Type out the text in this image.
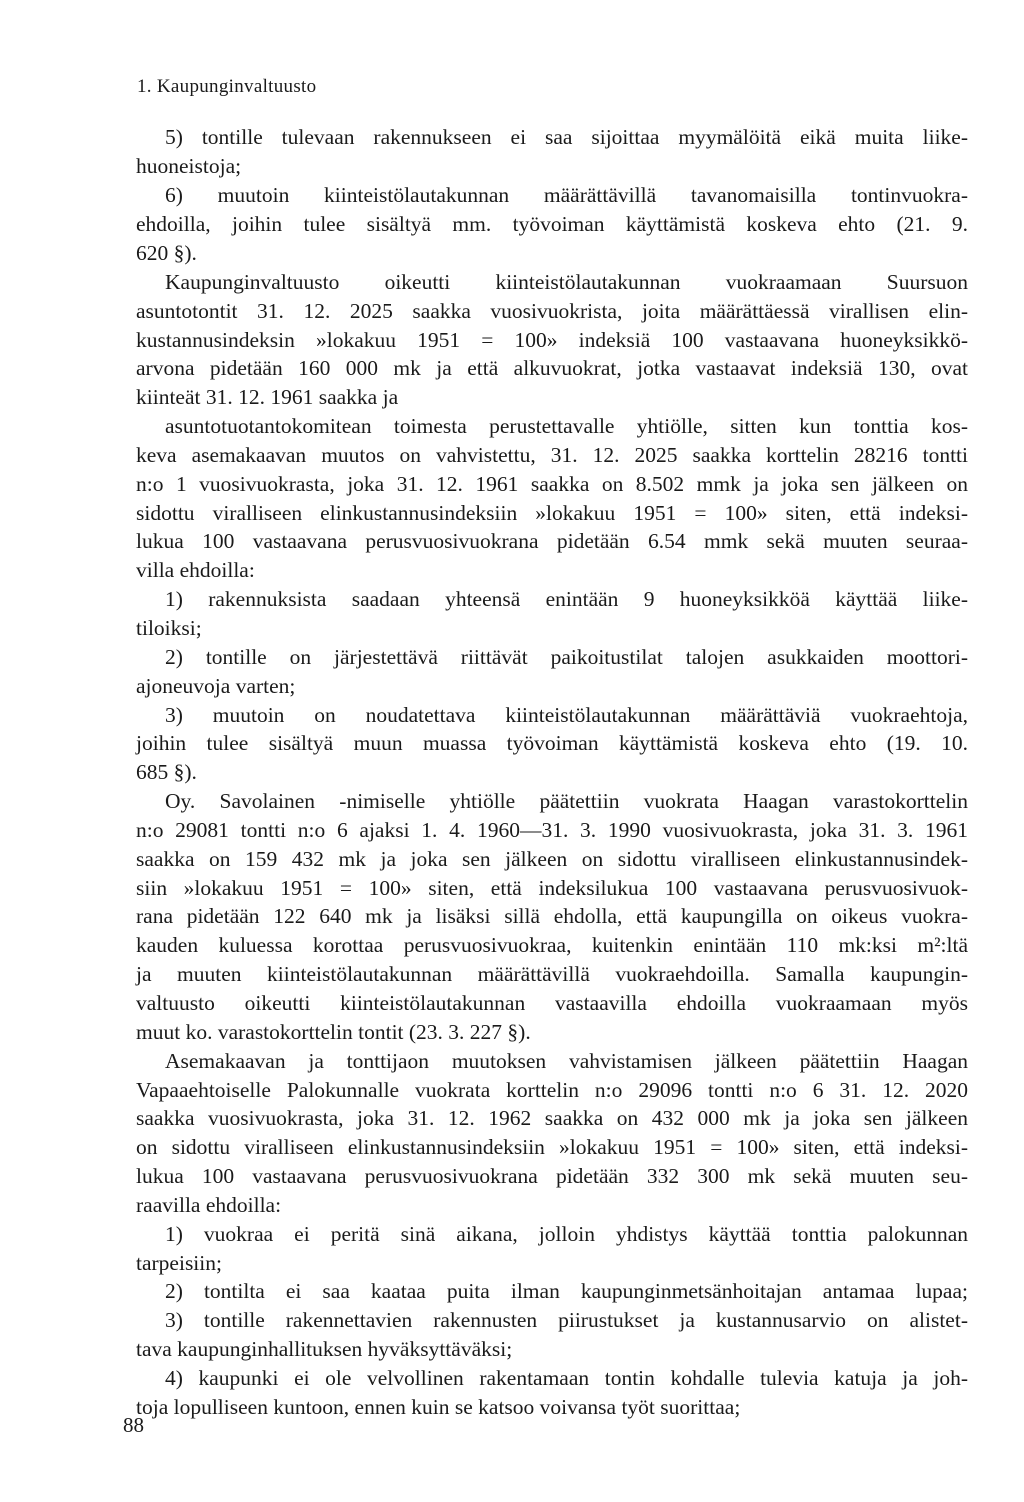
1. Kaupunginvaltuusto
5) tontille tulevaan rakennukseen ei saa sijoittaa myymälöitä eikä muita liike-
huoneistoja;
6) muutoin kiinteistölautakunnan määrättävillä tavanomaisilla tontinvuokra-
ehdoilla, joihin tulee sisältyä mm. työvoiman käyttämistä koskeva ehto (21. 9.
620 §).
Kaupunginvaltuusto oikeutti kiinteistölautakunnan vuokraamaan Suursuon
asuntotontit 31. 12. 2025 saakka vuosivuokrista, joita määrättäessä virallisen elin-
kustannusindeksin »lokakuu 1951 = 100» indeksiä 100 vastaavana huoneyksikkö-
arvona pidetään 160 000 mk ja että alkuvuokrat, jotka vastaavat indeksiä 130, ovat
kiinteät 31. 12. 1961 saakka ja
asuntotuotantokomitean toimesta perustettavalle yhtiölle, sitten kun tonttia kos-
keva asemakaavan muutos on vahvistettu, 31. 12. 2025 saakka korttelin 28216 tontti
n:o 1 vuosivuokrasta, joka 31. 12. 1961 saakka on 8.502 mmk ja joka sen jälkeen on
sidottu viralliseen elinkustannusindeksiin »lokakuu 1951 = 100» siten, että indeksi-
lukua 100 vastaavana perusvuosivuokrana pidetään 6.54 mmk sekä muuten seuraa-
villa ehdoilla:
1) rakennuksista saadaan yhteensä enintään 9 huoneyksikköä käyttää liike-
tiloiksi;
2) tontille on järjestettävä riittävät paikoitustilat talojen asukkaiden moottori-
ajoneuvoja varten;
3) muutoin on noudatettava kiinteistölautakunnan määrättäviä vuokraehtoja,
joihin tulee sisältyä muun muassa työvoiman käyttämistä koskeva ehto (19. 10.
685 §).
Oy. Savolainen -nimiselle yhtiölle päätettiin vuokrata Haagan varastokorttelin
n:o 29081 tontti n:o 6 ajaksi 1. 4. 1960—31. 3. 1990 vuosivuokrasta, joka 31. 3. 1961
saakka on 159 432 mk ja joka sen jälkeen on sidottu viralliseen elinkustannusindek-
siin »lokakuu 1951 = 100» siten, että indeksilukua 100 vastaavana perusvuosivuok-
rana pidetään 122 640 mk ja lisäksi sillä ehdolla, että kaupungilla on oikeus vuokra-
kauden kuluessa korottaa perusvuosivuokraa, kuitenkin enintään 110 mk:ksi m²:ltä
ja muuten kiinteistölautakunnan määrättävillä vuokraehdoilla. Samalla kaupungin-
valtuusto oikeutti kiinteistölautakunnan vastaavilla ehdoilla vuokraamaan myös
muut ko. varastokorttelin tontit (23. 3. 227 §).
Asemakaavan ja tonttijaon muutoksen vahvistamisen jälkeen päätettiin Haagan
Vapaaehtoiselle Palokunnalle vuokrata korttelin n:o 29096 tontti n:o 6 31. 12. 2020
saakka vuosivuokrasta, joka 31. 12. 1962 saakka on 432 000 mk ja joka sen jälkeen
on sidottu viralliseen elinkustannusindeksiin »lokakuu 1951 = 100» siten, että indeksi-
lukua 100 vastaavana perusvuosivuokrana pidetään 332 300 mk sekä muuten seu-
raavilla ehdoilla:
1) vuokraa ei peritä sinä aikana, jolloin yhdistys käyttää tonttia palokunnan
tarpeisiin;
2) tontilta ei saa kaataa puita ilman kaupunginmetsänhoitajan antamaa lupaa;
3) tontille rakennettavien rakennusten piirustukset ja kustannusarvio on alistet-
tava kaupunginhallituksen hyväksyttäväksi;
4) kaupunki ei ole velvollinen rakentamaan tontin kohdalle tulevia katuja ja joh-
toja lopulliseen kuntoon, ennen kuin se katsoo voivansa työt suorittaa;
88
